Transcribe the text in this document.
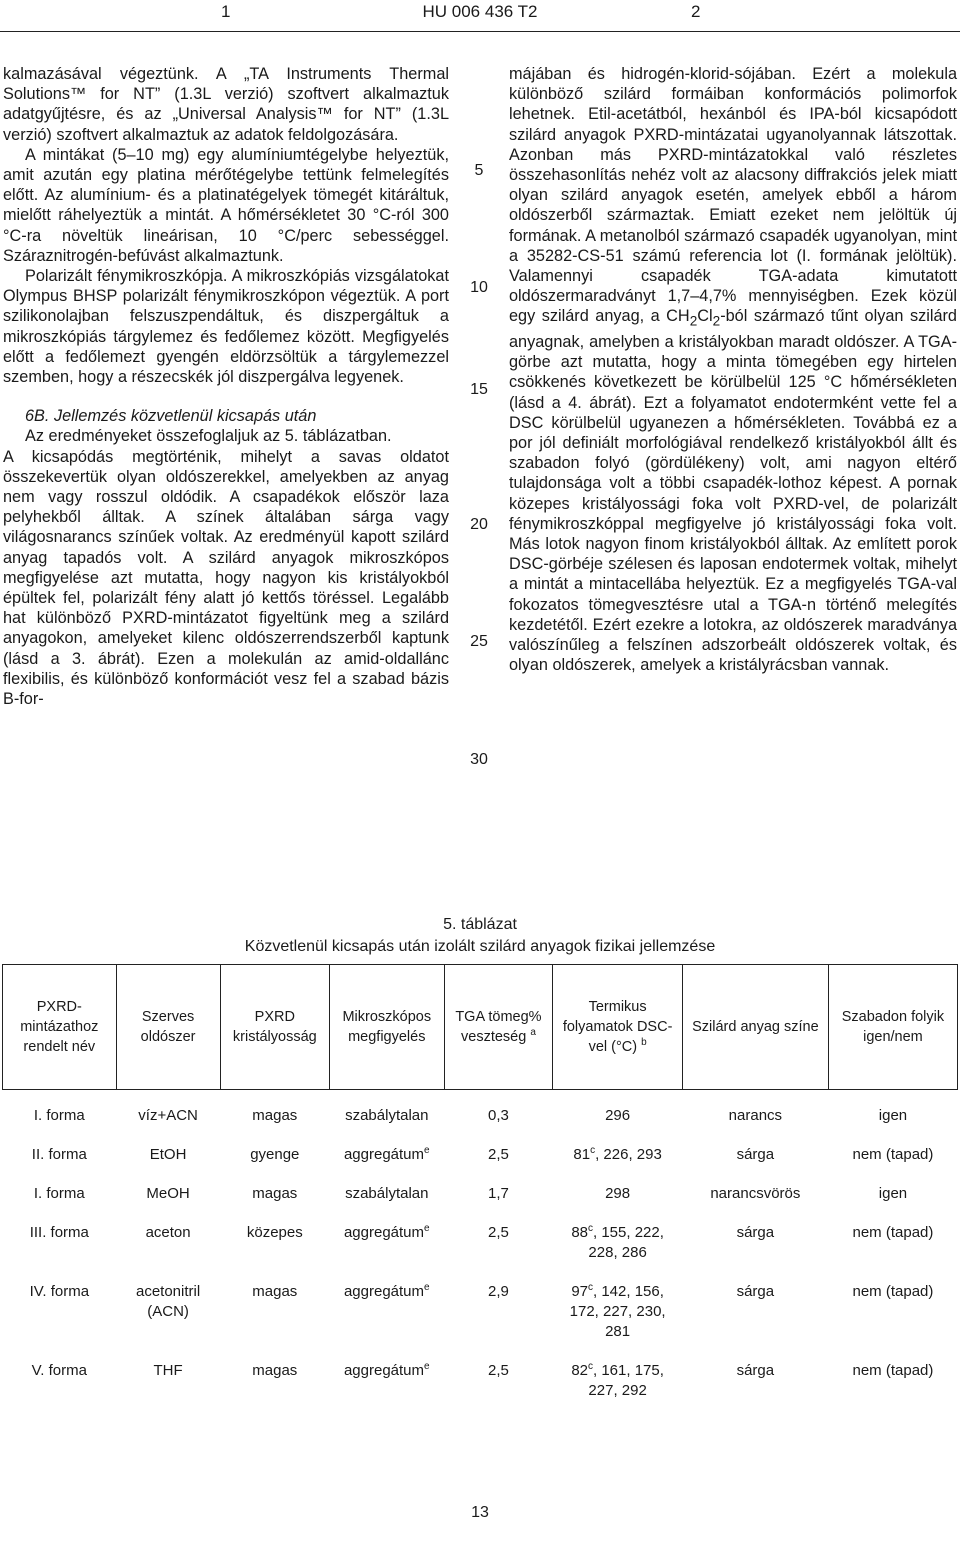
1	HU 006 436 T2	2

kalmazásával végeztünk. A „TA Instruments Thermal Solutions™ for NT” (1.3L verzió) szoftvert alkalmaztuk adatgyűjtésre, és az „Universal Analysis™ for NT” (1.3L verzió) szoftvert alkalmaztuk az adatok feldolgozására.

A mintákat (5–10 mg) egy alumíniumtégelybe helyeztük, amit azután egy platina mérőtégelybe tettünk felmelegítés előtt. Az alumínium- és a platinatégelyek tömegét kitáráltuk, mielőtt ráhelyeztük a mintát. A hőmérsékletet 30 °C-ról 300 °C-ra növeltük lineárisan, 10 °C/perc sebességgel. Száraznitrogén-befúvást alkalmaztunk.

Polarizált fénymikroszkópja. A mikroszkópiás vizsgálatokat Olympus BHSP polarizált fénymikroszkópon végeztük. A port szilikonolajban felszuszpendáltuk, és diszpergáltuk a mikroszkópiás tárgylemez és fedőlemez között. Megfigyelés előtt a fedőlemezt gyengén eldörzsöltük a tárgylemezzel szemben, hogy a részecskék jól diszpergálva legyenek.

6B. Jellemzés közvetlenül kicsapás után

Az eredményeket összefoglaljuk az 5. táblázatban.

A kicsapódás megtörténik, mihelyt a savas oldatot összekevertük olyan oldószerekkel, amelyekben az anyag nem vagy rosszul oldódik. A csapadékok először laza pelyhekből álltak. A színek általában sárga vagy világosnarancs színűek voltak. Az eredményül kapott szilárd anyag tapadós volt. A szilárd anyagok mikroszkópos megfigyelése azt mutatta, hogy nagyon kis kristályokból épültek fel, polarizált fény alatt jó kettős töréssel. Legalább hat különböző PXRD-mintázatot figyeltünk meg a szilárd anyagokon, amelyeket kilenc oldószerrendszerből kaptunk (lásd a 3. ábrát). Ezen a molekulán az amid-oldallánc flexibilis, és különböző konformációt vesz fel a szabad bázis B-for-

5
10
15
20
25
30

májában és hidrogén-klorid-sójában. Ezért a molekula különböző szilárd formáiban konformációs polimorfok lehetnek. Etil-acetátból, hexánból és IPA-ból kicsapódott szilárd anyagok PXRD-mintázatai ugyanolyannak látszottak. Azonban más PXRD-mintázatokkal való részletes összehasonlítás nehéz volt az alacsony diffrakciós jelek miatt olyan szilárd anyagok esetén, amelyek ebből a három oldószerből származtak. Emiatt ezeket nem jelöltük új formának. A metanolból származó csapadék ugyanolyan, mint a 35282-CS-51 számú referencia lot (I. formának jelöltük). Valamennyi csapadék TGA-adata kimutatott oldószermaradványt 1,7–4,7% mennyiségben. Ezek közül egy szilárd anyag, a $CH_2Cl_2$-ból származó tűnt olyan szilárd anyagnak, amelyben a kristályokban maradt oldószer. A TGA-görbe azt mutatta, hogy a minta tömegében egy hirtelen csökkenés következett be körülbelül 125 °C hőmérsékleten (lásd a 4. ábrát). Ezt a folyamatot endotermként vette fel a DSC körülbelül ugyanezen a hőmérsékleten. Továbbá ez a por jól definiált morfológiával rendelkező kristályokból állt és szabadon folyó (gördülékeny) volt, ami nagyon eltérő tulajdonsága volt a többi csapadék-lothoz képest. A pornak közepes kristályossági foka volt PXRD-vel, de polarizált fénymikroszkóppal megfigyelve jó kristályossági foka volt. Más lotok nagyon finom kristályokból álltak. Az említett porok DSC-görbéje szélesen és laposan endotermek voltak, mihelyt a mintát a mintacellába helyeztük. Ez a megfigyelés TGA-val fokozatos tömegvesztésre utal a TGA-n történő melegítés kezdetétől. Ezért ezekre a lotokra, az oldószerek maradványa valószínűleg a felszínen adszorbeált oldószerek voltak, és olyan oldószerek, amelyek a kristályrácsban vannak.

5. táblázat
Közvetlenül kicsapás után izolált szilárd anyagok fizikai jellemzése
PXRD-mintázathoz rendelt név	Szerves oldószer	PXRD kristályosság	Mikroszkópos megfigyelés	TGA tömeg% veszteség $^a$	Termikus folyamatok DSC-vel (°C) $^b$	Szilárd anyag színe	Szabadon folyik igen/nem

I. forma	víz+ACN	magas	szabálytalan	0,3	296	narancs	igen
II. forma	EtOH	gyenge	aggregátum$^e$	2,5	81$^c$, 226, 293	sárga	nem (tapad)
I. forma	MeOH	magas	szabálytalan	1,7	298	narancsvörös	igen
III. forma	aceton	közepes	aggregátum$^e$	2,5	88$^c$, 155, 222, 228, 286	sárga	nem (tapad)
IV. forma	acetonitril (ACN)	magas	aggregátum$^e$	2,9	97$^c$, 142, 156, 172, 227, 230, 281	sárga	nem (tapad)
V. forma	THF	magas	aggregátum$^e$	2,5	82$^c$, 161, 175, 227, 292	sárga	nem (tapad)
13
